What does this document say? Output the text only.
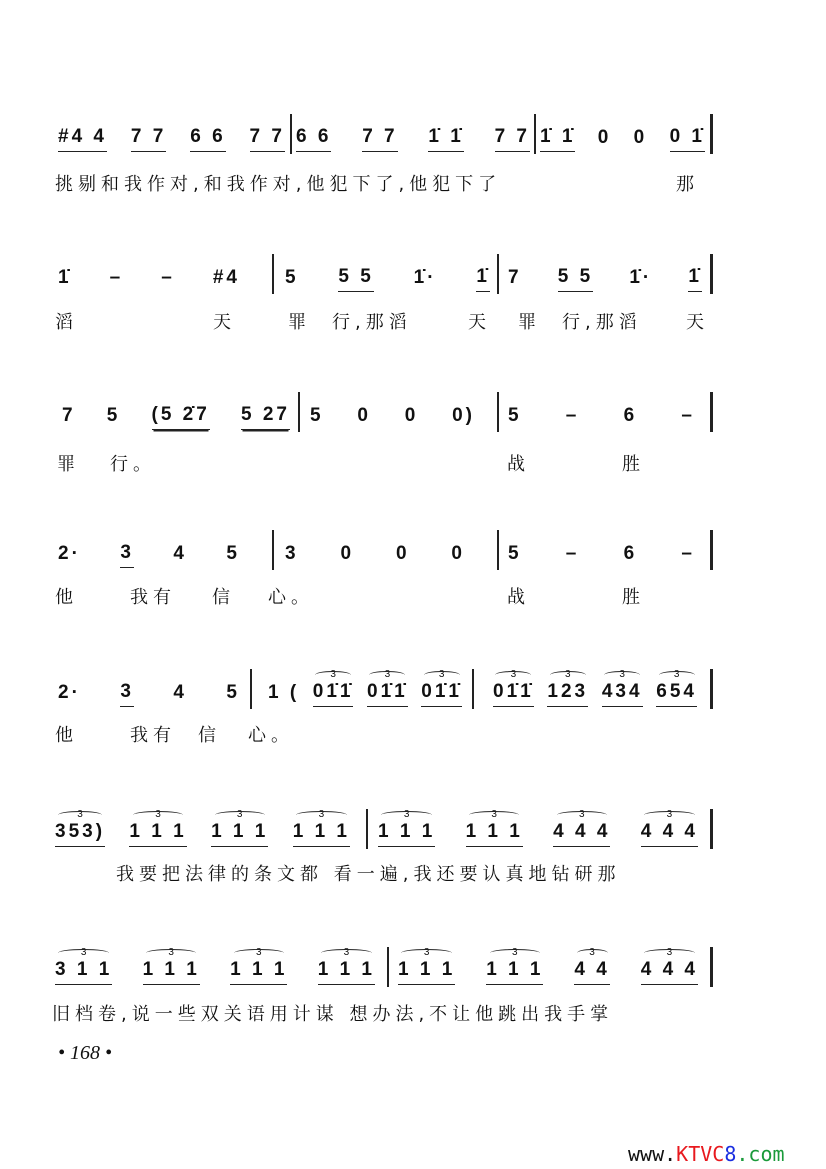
#4 4 7 7 6 6 7 7 6 6 7 7 1̇ 1̇ 7 7 1̇ 1̇ 0 0 0 1̇
挑剔和我作对,和我作对,他犯下了,他犯下了	那
1̇ – – #4 5 5 5 1̇· 1̇ 7 5 5 1̇· 1̇
滔	天	罪 行,那滔	天 罪 行,那滔 天
7 5 (5 2̇7 5 27 5 0 0 0) 5 – 6 –
罪 行。	战	胜
2· 3 4 5 3 0 0 0 5 – 6 –
他	我有 信 心。	战	胜
2· 3 4 5 1 ( 3 01̇1̇ 3 01̇1̇ 3 01̇1̇ 3 01̇1̇ 3 123 3 434 3 654
他	我有 信 心。
3 353) 3 1 1 1 3 1 1 1 3 1 1 1 3 1 1 1 3 1 1 1 3 4 4 4 3 4 4 4
我要把法律的条文都 看一遍,我还要认真地钻研那
3 3 1 1 3 1 1 1 3 1 1 1 3 1 1 1 3 1 1 1 3 1 1 1 3 4 4 3 4 4 4
旧档卷,说一些双关语用计谋 想办法,不让他跳出我手掌
• 168 •
www.KTVC8.com
